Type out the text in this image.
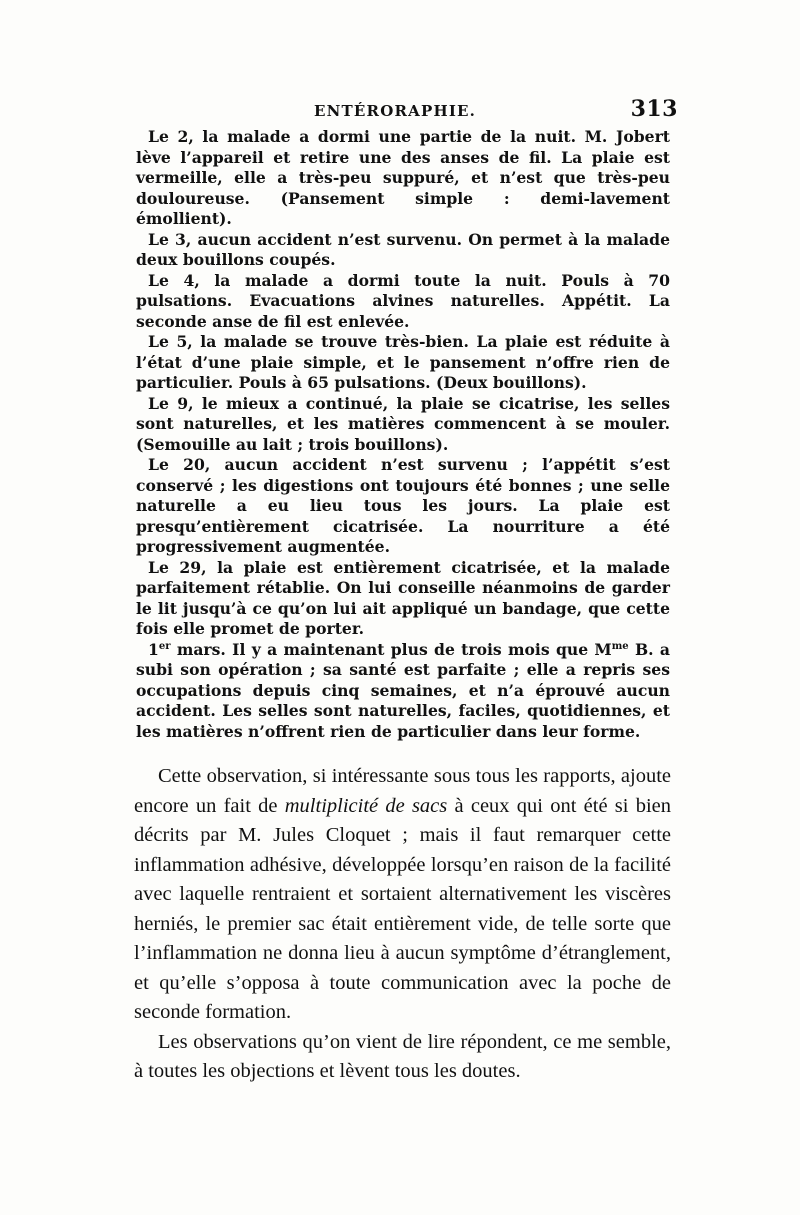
ENTÉRORAPHIE.	313

Le 2, la malade a dormi une partie de la nuit. M. Jobert lève l’appareil et retire une des anses de fil. La plaie est vermeille, elle a très-peu suppuré, et n’est que très-peu douloureuse. (Pansement simple : demi-lavement émollient).

Le 3, aucun accident n’est survenu. On permet à la malade deux bouillons coupés.

Le 4, la malade a dormi toute la nuit. Pouls à 70 pulsations. Evacuations alvines naturelles. Appétit. La seconde anse de fil est enlevée.

Le 5, la malade se trouve très-bien. La plaie est réduite à l’état d’une plaie simple, et le pansement n’offre rien de particulier. Pouls à 65 pulsations. (Deux bouillons).

Le 9, le mieux a continué, la plaie se cicatrise, les selles sont naturelles, et les matières commencent à se mouler. (Semouille au lait ; trois bouillons).

Le 20, aucun accident n’est survenu ; l’appétit s’est conservé ; les digestions ont toujours été bonnes ; une selle naturelle a eu lieu tous les jours. La plaie est presqu’entièrement cicatrisée. La nourriture a été progressivement augmentée.

Le 29, la plaie est entièrement cicatrisée, et la malade parfaitement rétablie. On lui conseille néanmoins de garder le lit jusqu’à ce qu’on lui ait appliqué un bandage, que cette fois elle promet de porter.

1er mars. Il y a maintenant plus de trois mois que $M^{me}$ B. a subi son opération ; sa santé est parfaite ; elle a repris ses occupations depuis cinq semaines, et n’a éprouvé aucun accident. Les selles sont naturelles, faciles, quotidiennes, et les matières n’offrent rien de particulier dans leur forme.

Cette observation, si intéressante sous tous les rapports, ajoute encore un fait de multiplicité de sacs à ceux qui ont été si bien décrits par M. Jules Cloquet ; mais il faut remarquer cette inflammation adhésive, développée lorsqu’en raison de la facilité avec laquelle rentraient et sortaient alternativement les viscères herniés, le premier sac était entièrement vide, de telle sorte que l’inflammation ne donna lieu à aucun symptôme d’étranglement, et qu’elle s’opposa à toute communication avec la poche de seconde formation.

Les observations qu’on vient de lire répondent, ce me semble, à toutes les objections et lèvent tous les doutes.
